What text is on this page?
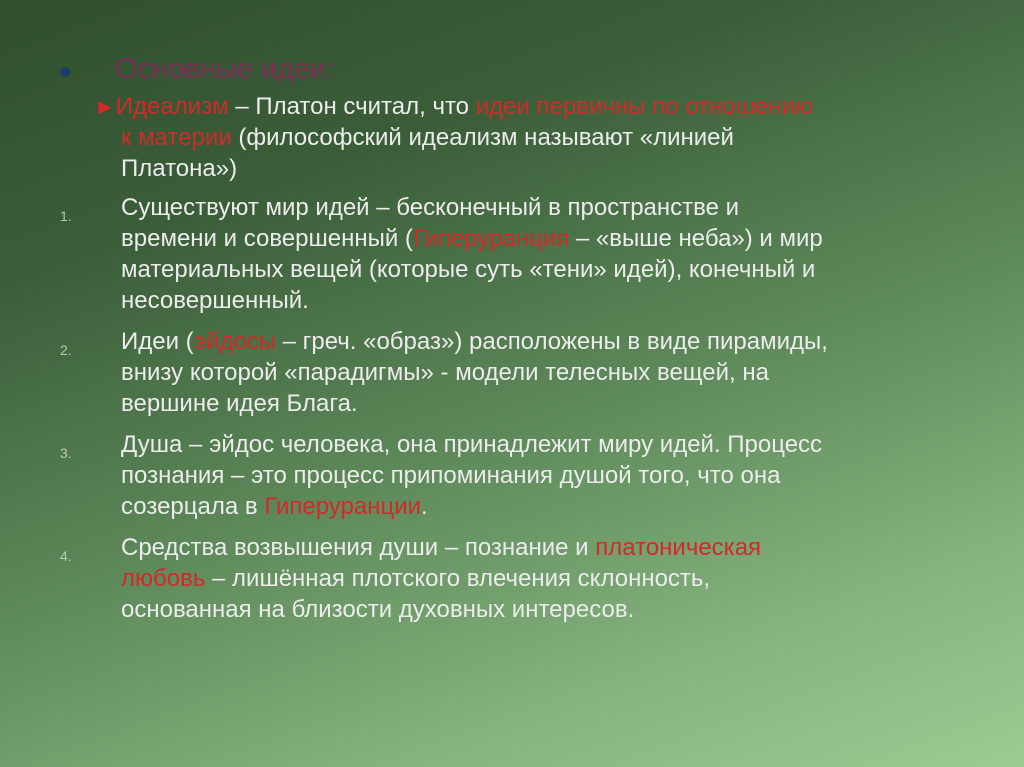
Основные идеи:
►Идеализм – Платон считал, что идеи первичны по отношению
к материи (философский идеализм называют «линией
Платона»)
1. Существуют мир идей – бесконечный в пространстве и
времени и совершенный (Гиперуранция – «выше неба») и мир
материальных вещей (которые суть «тени» идей), конечный и
несовершенный.
2. Идеи (эйдосы – греч. «образ») расположены в виде пирамиды,
внизу которой «парадигмы» - модели телесных вещей, на
вершине идея Блага.
3. Душа – эйдос человека, она принадлежит миру идей. Процесс
познания – это процесс припоминания душой того, что она
созерцала в Гиперуранции.
4. Средства возвышения души – познание и платоническая
любовь – лишённая плотского влечения склонность,
основанная на близости духовных интересов.
